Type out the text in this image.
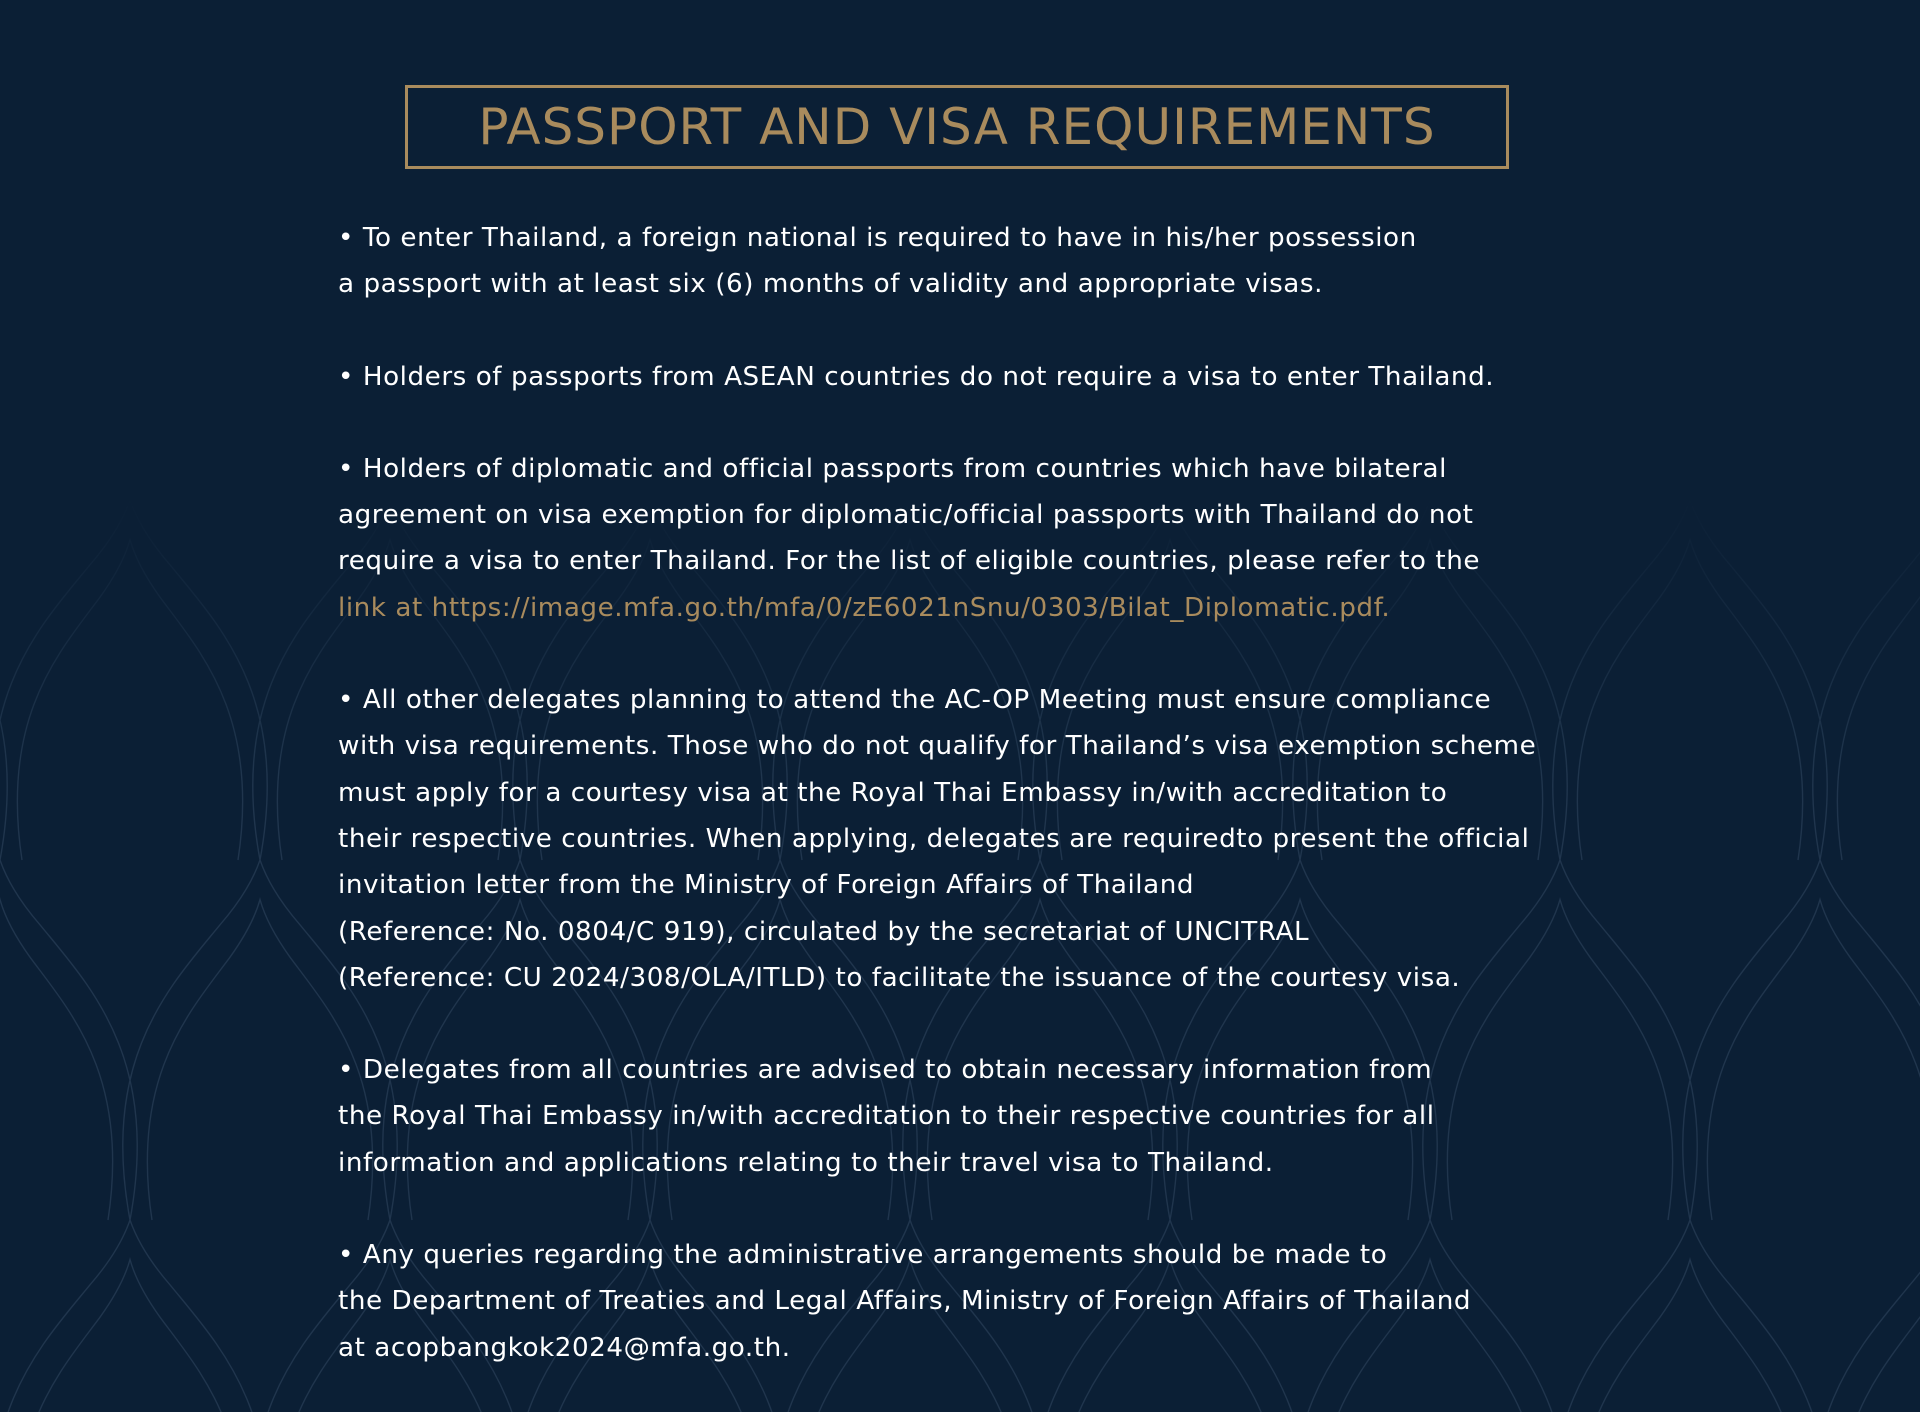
PASSPORT AND VISA REQUIREMENTS

• To enter Thailand, a foreign national is required to have in his/her possession
a passport with at least six (6) months of validity and appropriate visas.

• Holders of passports from ASEAN countries do not require a visa to enter Thailand.

• Holders of diplomatic and official passports from countries which have bilateral
agreement on visa exemption for diplomatic/official passports with Thailand do not
require a visa to enter Thailand. For the list of eligible countries, please refer to the
link at https://image.mfa.go.th/mfa/0/zE6021nSnu/0303/Bilat_Diplomatic.pdf.

• All other delegates planning to attend the AC-OP Meeting must ensure compliance
with visa requirements. Those who do not qualify for Thailand’s visa exemption scheme
must apply for a courtesy visa at the Royal Thai Embassy in/with accreditation to
their respective countries. When applying, delegates are requiredto present the official
invitation letter from the Ministry of Foreign Affairs of Thailand
(Reference: No. 0804/C 919), circulated by the secretariat of UNCITRAL
(Reference: CU 2024/308/OLA/ITLD) to facilitate the issuance of the courtesy visa.

• Delegates from all countries are advised to obtain necessary information from
the Royal Thai Embassy in/with accreditation to their respective countries for all
information and applications relating to their travel visa to Thailand.

• Any queries regarding the administrative arrangements should be made to
the Department of Treaties and Legal Affairs, Ministry of Foreign Affairs of Thailand
at acopbangkok2024@mfa.go.th.
